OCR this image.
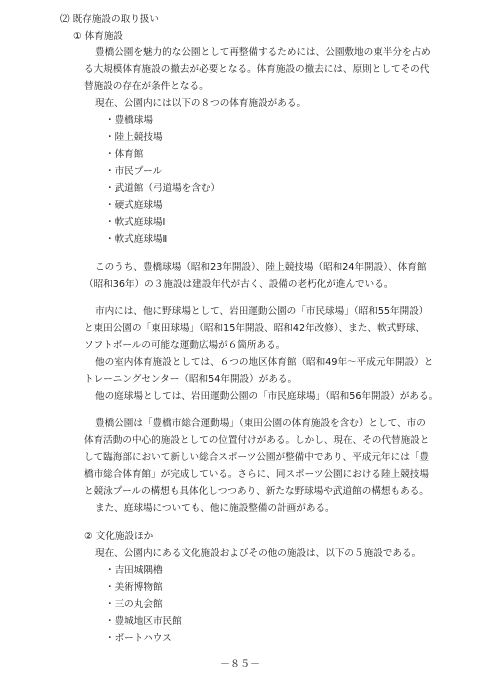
⑵ 既存施設の取り扱い
① 体育施設
豊橋公園を魅力的な公園として再整備するためには、公園敷地の東半分を占め
る大規模体育施設の撤去が必要となる。体育施設の撤去には、原則としてその代
替施設の存在が条件となる。
現在、公園内には以下の８つの体育施設がある。
・豊橋球場
・陸上競技場
・体育館
・市民プール
・武道館（弓道場を含む）
・硬式庭球場
・軟式庭球場Ⅰ
・軟式庭球場Ⅱ
このうち、豊橋球場（昭和23年開設）、陸上競技場（昭和24年開設）、体育館
（昭和36年）の３施設は建設年代が古く、設備の老朽化が進んでいる。
市内には、他に野球場として、岩田運動公園の「市民球場」（昭和55年開設）
と東田公園の「東田球場」（昭和15年開設、昭和42年改修）、また、軟式野球、
ソフトボールの可能な運動広場が６箇所ある。
他の室内体育施設としては、６つの地区体育館（昭和49年～平成元年開設）と
トレーニングセンター（昭和54年開設）がある。
他の庭球場としては、岩田運動公園の「市民庭球場」（昭和56年開設）がある。
豊橋公園は「豊橋市総合運動場」（東田公園の体育施設を含む）として、市の
体育活動の中心的施設としての位置付けがある。しかし、現在、その代替施設と
して臨海部において新しい総合スポーツ公園が整備中であり、平成元年には「豊
橋市総合体育館」が完成している。さらに、同スポーツ公園における陸上競技場
と競泳プールの構想も具体化しつつあり、新たな野球場や武道館の構想もある。
また、庭球場についても、他に施設整備の計画がある。
② 文化施設ほか
現在、公園内にある文化施設およびその他の施設は、以下の５施設である。
・吉田城隅櫓
・美術博物館
・三の丸会館
・豊城地区市民館
・ボートハウス
－８５－
